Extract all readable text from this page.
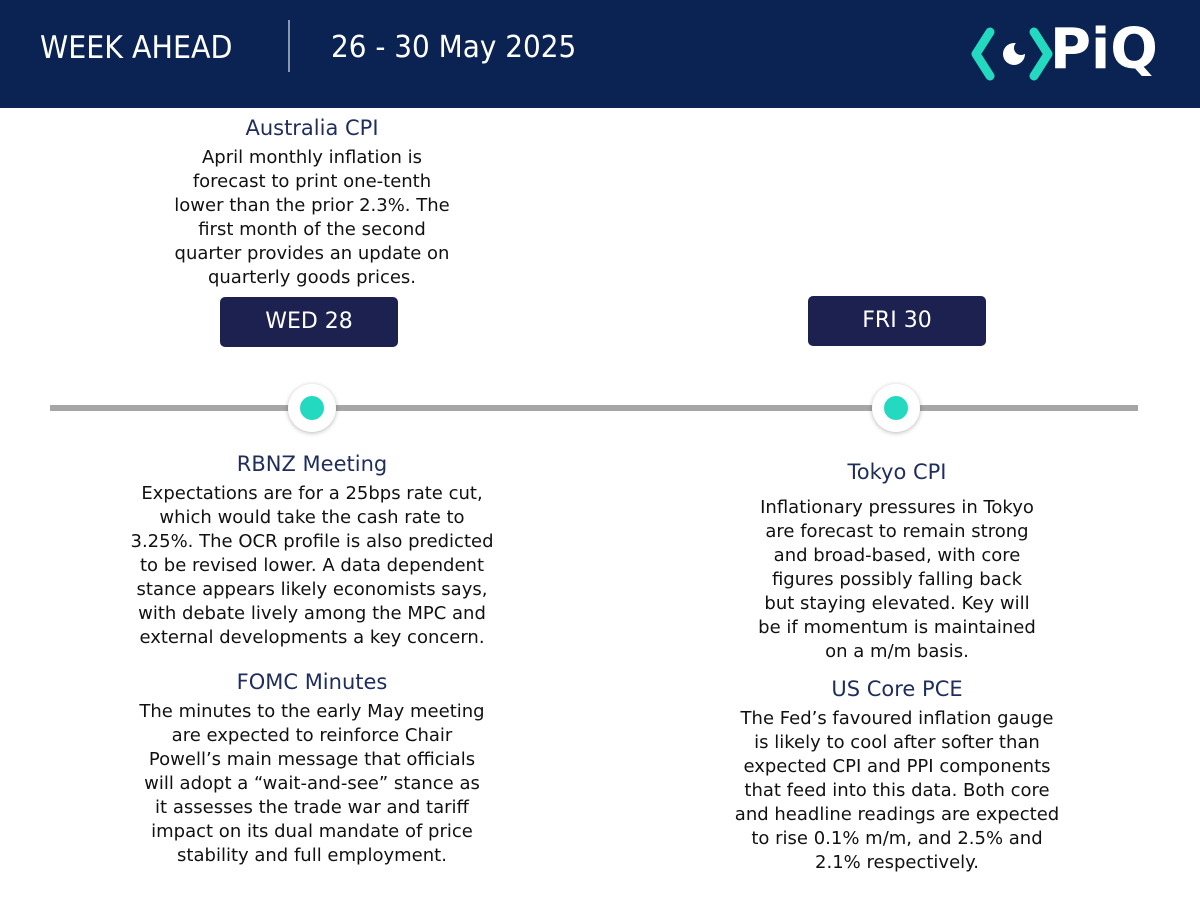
WEEK AHEAD	26 - 30 May 2025	PiQ
Australia CPI
April monthly inflation is
forecast to print one-tenth
lower than the prior 2.3%. The
first month of the second
quarter provides an update on
quarterly goods prices.
WED 28	FRI 30
RBNZ Meeting
Expectations are for a 25bps rate cut,
which would take the cash rate to
3.25%. The OCR profile is also predicted
to be revised lower. A data dependent
stance appears likely economists says,
with debate lively among the MPC and
external developments a key concern.
FOMC Minutes
The minutes to the early May meeting
are expected to reinforce Chair
Powell’s main message that officials
will adopt a “wait-and-see” stance as
it assesses the trade war and tariff
impact on its dual mandate of price
stability and full employment.
Tokyo CPI
Inflationary pressures in Tokyo
are forecast to remain strong
and broad-based, with core
figures possibly falling back
but staying elevated. Key will
be if momentum is maintained
on a m/m basis.
US Core PCE
The Fed’s favoured inflation gauge
is likely to cool after softer than
expected CPI and PPI components
that feed into this data. Both core
and headline readings are expected
to rise 0.1% m/m, and 2.5% and
2.1% respectively.
